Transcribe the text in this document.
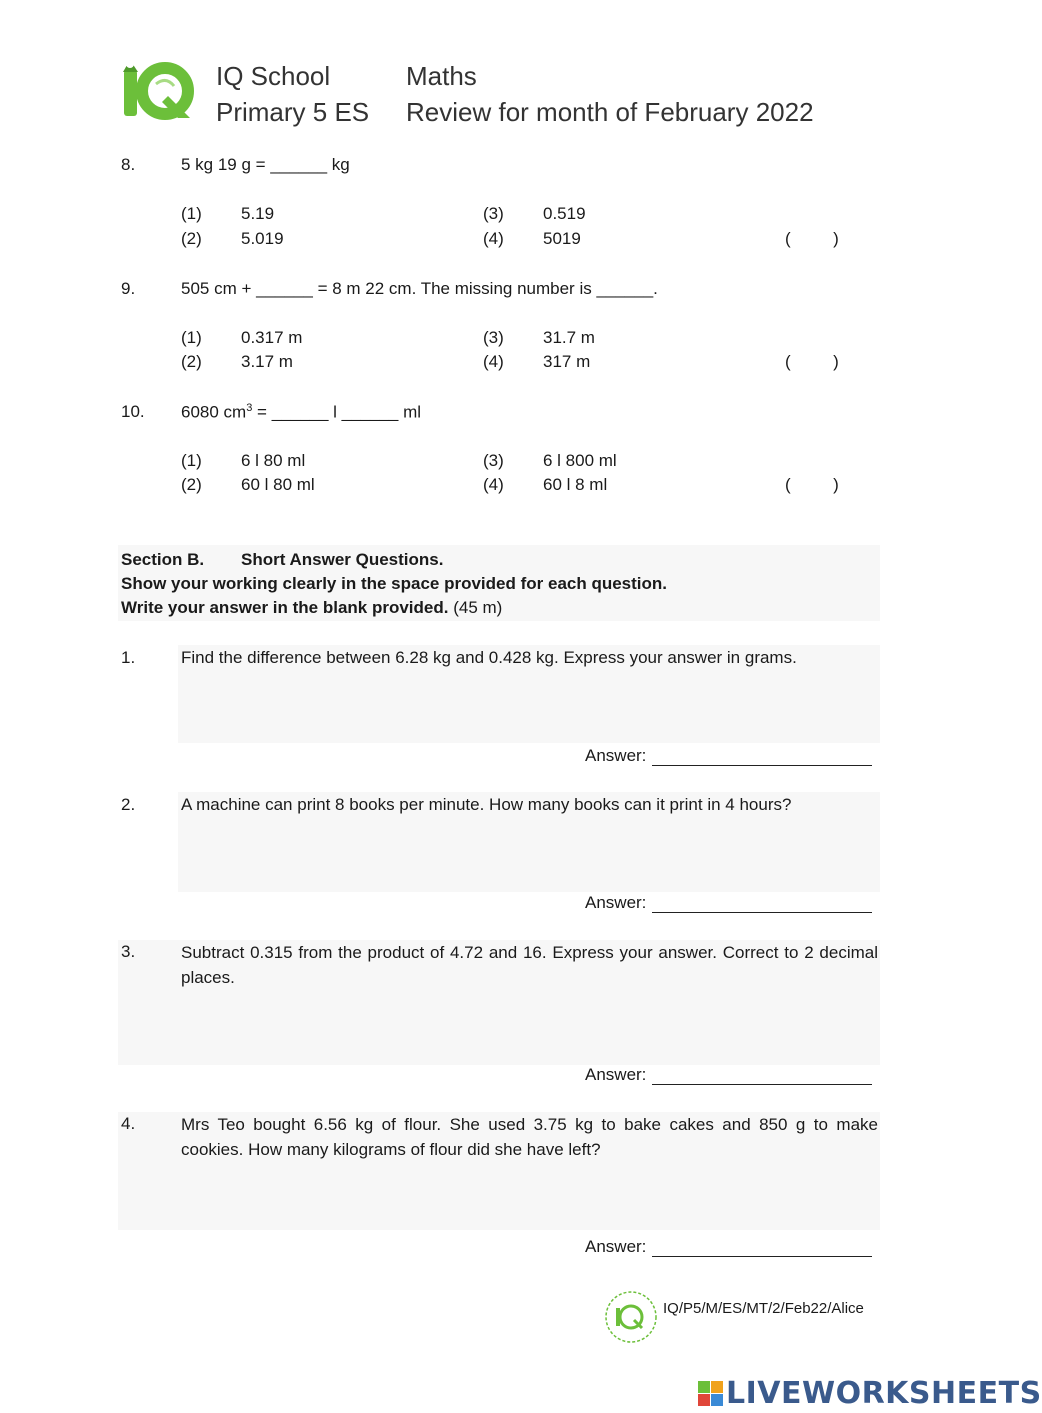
IQ School
Primary 5 ES
Maths
Review for month of February 2022
8.	5 kg 19 g = ______ kg
(1) 5.19
(2) 5.019
(3) 0.519
(4) 5019	(         )
9.	505 cm + ______ = 8 m 22 cm. The missing number is ______.
(1) 0.317 m
(2) 3.17 m
(3) 31.7 m
(4) 317 m	(         )
10. 6080 $cm^3$ = ______ l ______ ml
(1) 6 l 80 ml
(2) 60 l 80 ml
(3) 6 l 800 ml
(4) 60 l 8 ml	(         )
Section B. Short Answer Questions.
Show your working clearly in the space provided for each question.
Write your answer in the blank provided. (45 m)
1.	Find the difference between 6.28 kg and 0.428 kg. Express your answer in grams.
Answer:
2.	A machine can print 8 books per minute. How many books can it print in 4 hours?
Answer:
3.	Subtract 0.315 from the product of 4.72 and 16. Express your answer. Correct to 2 decimal places.
Answer:
4.	Mrs Teo bought 6.56 kg of flour. She used 3.75 kg to bake cakes and 850 g to make cookies. How many kilograms of flour did she have left?
Answer:
IQ/P5/M/ES/MT/2/Feb22/Alice
LIVEWORKSHEETS
